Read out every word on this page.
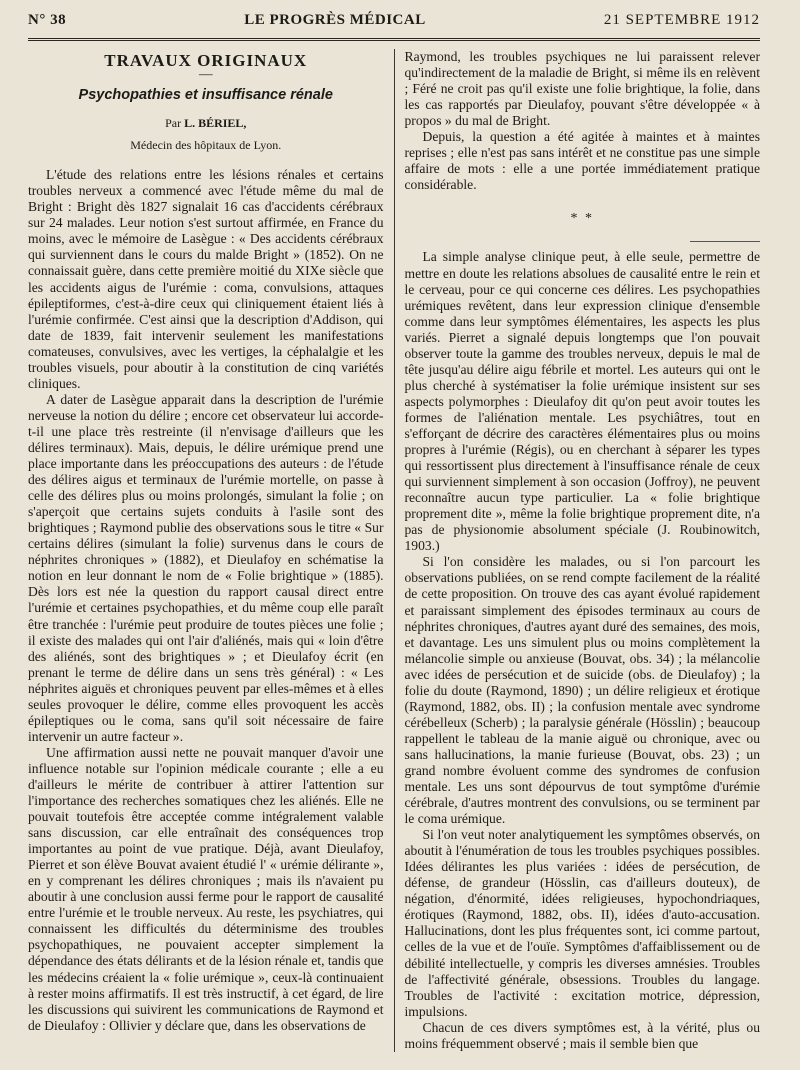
N° 38	LE PROGRÈS MÉDICAL	21 SEPTEMBRE 1912
TRAVAUX ORIGINAUX
—
Psychopathies et insuffisance rénale
Par L. BÉRIEL,
Médecin des hôpitaux de Lyon.

L'étude des relations entre les lésions rénales et certains troubles nerveux a commencé avec l'étude même du mal de Bright : Bright dès 1827 signalait 16 cas d'accidents cérébraux sur 24 malades. Leur notion s'est surtout affirmée, en France du moins, avec le mémoire de Lasègue : « Des accidents cérébraux qui surviennent dans le cours du malde Bright » (1852). On ne connaissait guère, dans cette première moitié du XIXe siècle que les accidents aigus de l'urémie : coma, convulsions, attaques épileptiformes, c'est-à-dire ceux qui cliniquement étaient liés à l'urémie confirmée. C'est ainsi que la description d'Addison, qui date de 1839, fait intervenir seulement les manifestations comateuses, convulsives, avec les vertiges, la céphalalgie et les troubles visuels, pour aboutir à la constitution de cinq variétés cliniques.

A dater de Lasègue apparait dans la description de l'urémie nerveuse la notion du délire ; encore cet observateur lui accorde-t-il une place très restreinte (il n'envisage d'ailleurs que les délires terminaux). Mais, depuis, le délire urémique prend une place importante dans les préoccupations des auteurs : de l'étude des délires aigus et terminaux de l'urémie mortelle, on passe à celle des délires plus ou moins prolongés, simulant la folie ; on s'aperçoit que certains sujets conduits à l'asile sont des brightiques ; Raymond publie des observations sous le titre « Sur certains délires (simulant la folie) survenus dans le cours de néphrites chroniques » (1882), et Dieulafoy en schématise la notion en leur donnant le nom de « Folie brightique » (1885). Dès lors est née la question du rapport causal direct entre l'urémie et certaines psychopathies, et du même coup elle paraît être tranchée : l'urémie peut produire de toutes pièces une folie ; il existe des malades qui ont l'air d'aliénés, mais qui « loin d'être des aliénés, sont des brightiques » ; et Dieulafoy écrit (en prenant le terme de délire dans un sens très général) : « Les néphrites aiguës et chroniques peuvent par elles-mêmes et à elles seules provoquer le délire, comme elles provoquent les accès épileptiques ou le coma, sans qu'il soit nécessaire de faire intervenir un autre facteur ».

Une affirmation aussi nette ne pouvait manquer d'avoir une influence notable sur l'opinion médicale courante ; elle a eu d'ailleurs le mérite de contribuer à attirer l'attention sur l'importance des recherches somatiques chez les aliénés. Elle ne pouvait toutefois être acceptée comme intégralement valable sans discussion, car elle entraînait des conséquences trop importantes au point de vue pratique. Déjà, avant Dieulafoy, Pierret et son élève Bouvat avaient étudié l' « urémie délirante », en y comprenant les délires chroniques ; mais ils n'avaient pu aboutir à une conclusion aussi ferme pour le rapport de causalité entre l'urémie et le trouble nerveux. Au reste, les psychiatres, qui connaissent les difficultés du déterminisme des troubles psychopathiques, ne pouvaient accepter simplement la dépendance des états délirants et de la lésion rénale et, tandis que les médecins créaient la « folie urémique », ceux-là continuaient à rester moins affirmatifs. Il est très instructif, à cet égard, de lire les discussions qui suivirent les communications de Raymond et de Dieulafoy : Ollivier y déclare que, dans les observations de

Raymond, les troubles psychiques ne lui paraissent relever qu'indirectement de la maladie de Bright, si même ils en relèvent ; Féré ne croit pas qu'il existe une folie brightique, la folie, dans les cas rapportés par Dieulafoy, pouvant s'être développée « à propos » du mal de Bright.

Depuis, la question a été agitée à maintes et à maintes reprises ; elle n'est pas sans intérêt et ne constitue pas une simple affaire de mots : elle a une portée immédiatement pratique considérable.

* *

La simple analyse clinique peut, à elle seule, permettre de mettre en doute les relations absolues de causalité entre le rein et le cerveau, pour ce qui concerne ces délires. Les psychopathies urémiques revêtent, dans leur expression clinique d'ensemble comme dans leur symptômes élémentaires, les aspects les plus variés. Pierret a signalé depuis longtemps que l'on pouvait observer toute la gamme des troubles nerveux, depuis le mal de tête jusqu'au délire aigu fébrile et mortel. Les auteurs qui ont le plus cherché à systématiser la folie urémique insistent sur ses aspects polymorphes : Dieulafoy dit qu'on peut avoir toutes les formes de l'aliénation mentale. Les psychiâtres, tout en s'efforçant de décrire des caractères élémentaires plus ou moins propres à l'urémie (Régis), ou en cherchant à séparer les types qui ressortissent plus directement à l'insuffisance rénale de ceux qui surviennent simplement à son occasion (Joffroy), ne peuvent reconnaître aucun type particulier. La « folie brightique proprement dite », même la folie brightique proprement dite, n'a pas de physionomie absolument spéciale (J. Roubinowitch, 1903.)

Si l'on considère les malades, ou si l'on parcourt les observations publiées, on se rend compte facilement de la réalité de cette proposition. On trouve des cas ayant évolué rapidement et paraissant simplement des épisodes terminaux au cours de néphrites chroniques, d'autres ayant duré des semaines, des mois, et davantage. Les uns simulent plus ou moins complètement la mélancolie simple ou anxieuse (Bouvat, obs. 34) ; la mélancolie avec idées de persécution et de suicide (obs. de Dieulafoy) ; la folie du doute (Raymond, 1890) ; un délire religieux et érotique (Raymond, 1882, obs. II) ; la confusion mentale avec syndrome cérébelleux (Scherb) ; la paralysie générale (Hösslin) ; beaucoup rappellent le tableau de la manie aiguë ou chronique, avec ou sans hallucinations, la manie furieuse (Bouvat, obs. 23) ; un grand nombre évoluent comme des syndromes de confusion mentale. Les uns sont dépourvus de tout symptôme d'urémie cérébrale, d'autres montrent des convulsions, ou se terminent par le coma urémique.

Si l'on veut noter analytiquement les symptômes observés, on aboutit à l'énumération de tous les troubles psychiques possibles. Idées délirantes les plus variées : idées de persécution, de défense, de grandeur (Hösslin, cas d'ailleurs douteux), de négation, d'énormité, idées religieuses, hypochondriaques, érotiques (Raymond, 1882, obs. II), idées d'auto-accusation. Hallucinations, dont les plus fréquentes sont, ici comme partout, celles de la vue et de l'ouïe. Symptômes d'affaiblissement ou de débilité intellectuelle, y compris les diverses amnésies. Troubles de l'affectivité générale, obsessions. Troubles du langage. Troubles de l'activité : excitation motrice, dépression, impulsions.

Chacun de ces divers symptômes est, à la vérité, plus ou moins fréquemment observé ; mais il semble bien que
